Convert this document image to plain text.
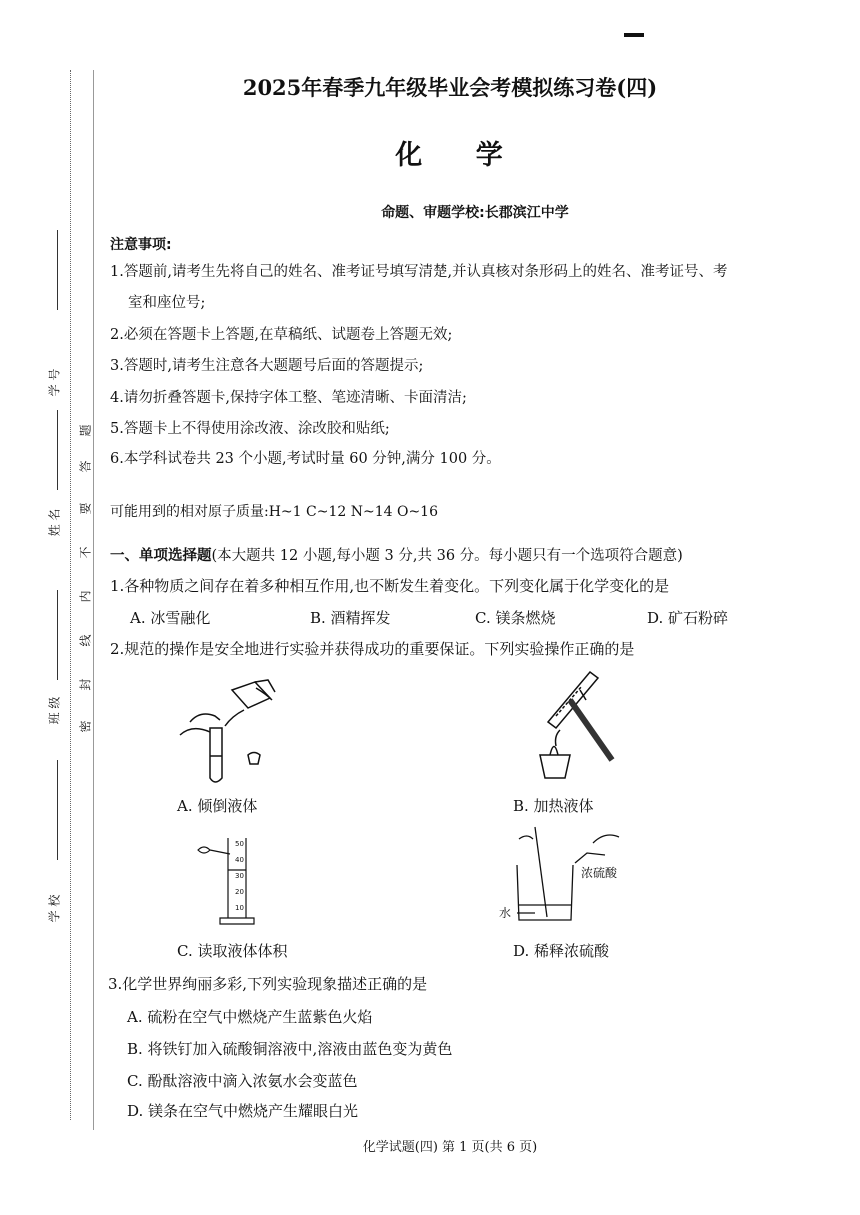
学 号
姓 名
班 级
学 校
题
答
要
不
内
线
封
密
2025年春季九年级毕业会考模拟练习卷(四)
化 学
命题、审题学校:长郡滨江中学
注意事项:
1.答题前,请考生先将自己的姓名、准考证号填写清楚,并认真核对条形码上的姓名、准考证号、考
室和座位号;
2.必须在答题卡上答题,在草稿纸、试题卷上答题无效;
3.答题时,请考生注意各大题题号后面的答题提示;
4.请勿折叠答题卡,保持字体工整、笔迹清晰、卡面清洁;
5.答题卡上不得使用涂改液、涂改胶和贴纸;
6.本学科试卷共 23 个小题,考试时量 60 分钟,满分 100 分。
可能用到的相对原子质量:H~1 C~12 N~14 O~16
一、单项选择题(本大题共 12 小题,每小题 3 分,共 36 分。每小题只有一个选项符合题意)
1.各种物质之间存在着多种相互作用,也不断发生着变化。下列变化属于化学变化的是
A. 冰雪融化	B. 酒精挥发	C. 镁条燃烧	D. 矿石粉碎
2.规范的操作是安全地进行实验并获得成功的重要保证。下列实验操作正确的是
50
40
30
20
10
浓硫酸
水
A. 倾倒液体	B. 加热液体
C. 读取液体体积	D. 稀释浓硫酸
3.化学世界绚丽多彩,下列实验现象描述正确的是
A. 硫粉在空气中燃烧产生蓝紫色火焰
B. 将铁钉加入硫酸铜溶液中,溶液由蓝色变为黄色
C. 酚酞溶液中滴入浓氨水会变蓝色
D. 镁条在空气中燃烧产生耀眼白光
化学试题(四) 第 1 页(共 6 页)
